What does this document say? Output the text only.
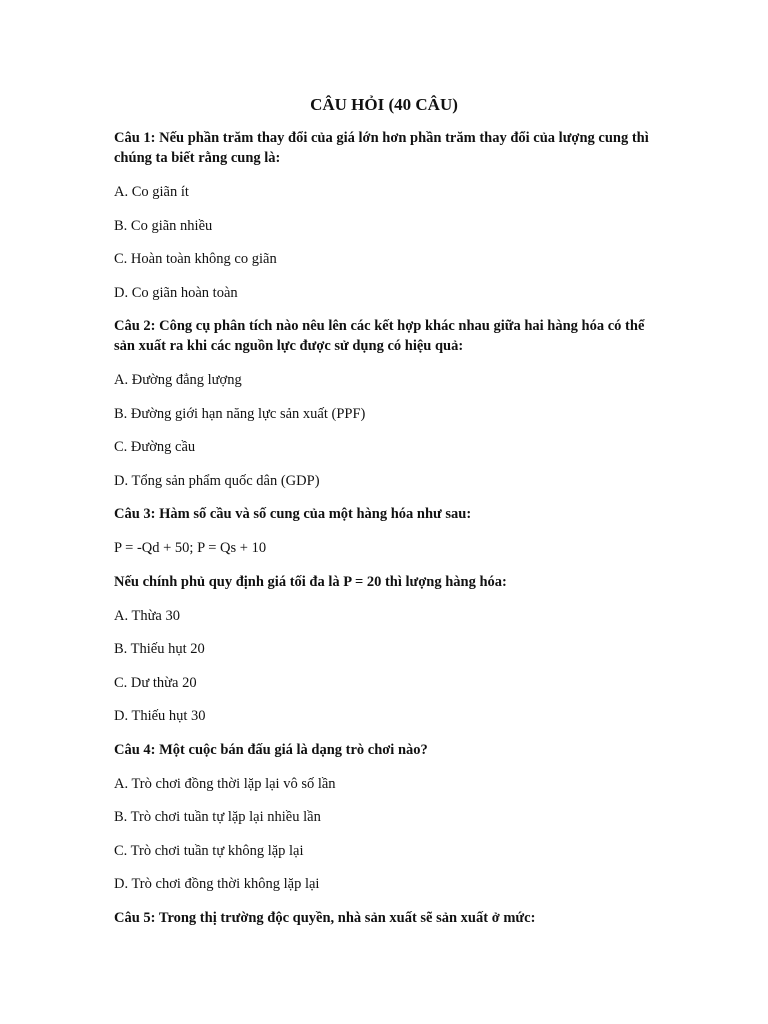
CÂU HỎI (40 CÂU)

Câu 1: Nếu phần trăm thay đổi của giá lớn hơn phần trăm thay đổi của lượng cung thì chúng ta biết rằng cung là:

A. Co giãn ít

B. Co giãn nhiều

C. Hoàn toàn không co giãn

D. Co giãn hoàn toàn

Câu 2: Công cụ phân tích nào nêu lên các kết hợp khác nhau giữa hai hàng hóa có thể sản xuất ra khi các nguồn lực được sử dụng có hiệu quả:

A. Đường đẳng lượng

B. Đường giới hạn năng lực sản xuất (PPF)

C. Đường cầu

D. Tổng sản phẩm quốc dân (GDP)

Câu 3: Hàm số cầu và số cung của một hàng hóa như sau:

P = -Qd + 50; P = Qs + 10

Nếu chính phủ quy định giá tối đa là P = 20 thì lượng hàng hóa:

A. Thừa 30

B. Thiếu hụt 20

C. Dư thừa 20

D. Thiếu hụt 30

Câu 4: Một cuộc bán đấu giá là dạng trò chơi nào?

A. Trò chơi đồng thời lặp lại vô số lần

B. Trò chơi tuần tự lặp lại nhiều lần

C. Trò chơi tuần tự không lặp lại

D. Trò chơi đồng thời không lặp lại

Câu 5: Trong thị trường độc quyền, nhà sản xuất sẽ sản xuất ở mức:
